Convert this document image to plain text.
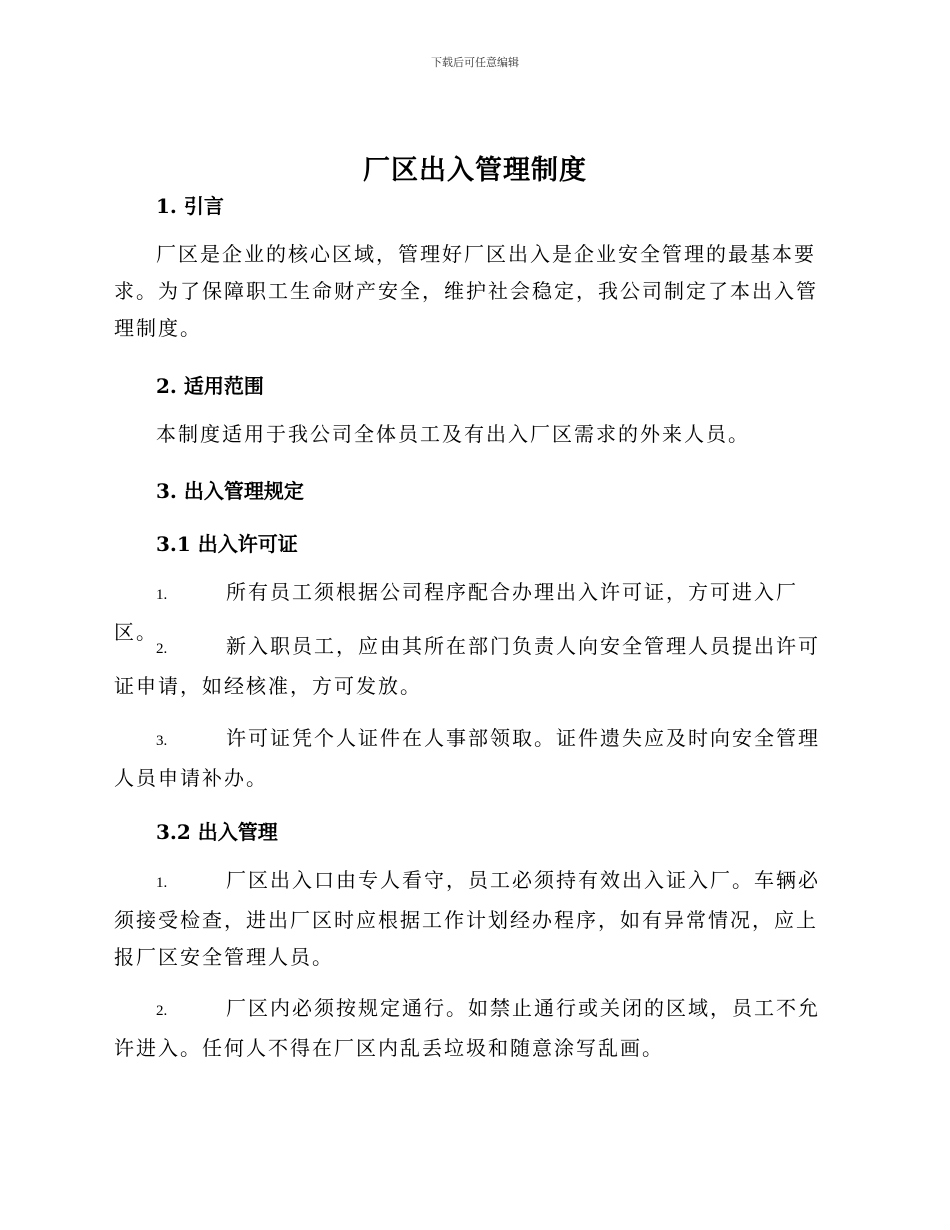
下载后可任意编辑
厂区出入管理制度
1. 引言
厂区是企业的核心区域，管理好厂区出入是企业安全管理的最基本要求。为了保障职工生命财产安全，维护社会稳定，我公司制定了本出入管理制度。
2. 适用范围
本制度适用于我公司全体员工及有出入厂区需求的外来人员。
3. 出入管理规定
3.1 出入许可证
1.	所有员工须根据公司程序配合办理出入许可证，方可进入厂区。
2.	新入职员工，应由其所在部门负责人向安全管理人员提出许可证申请，如经核准，方可发放。
3.	许可证凭个人证件在人事部领取。证件遗失应及时向安全管理人员申请补办。
3.2 出入管理
1.	厂区出入口由专人看守，员工必须持有效出入证入厂。车辆必须接受检查，进出厂区时应根据工作计划经办程序，如有异常情况，应上报厂区安全管理人员。
2.	厂区内必须按规定通行。如禁止通行或关闭的区域，员工不允许进入。任何人不得在厂区内乱丢垃圾和随意涂写乱画。
